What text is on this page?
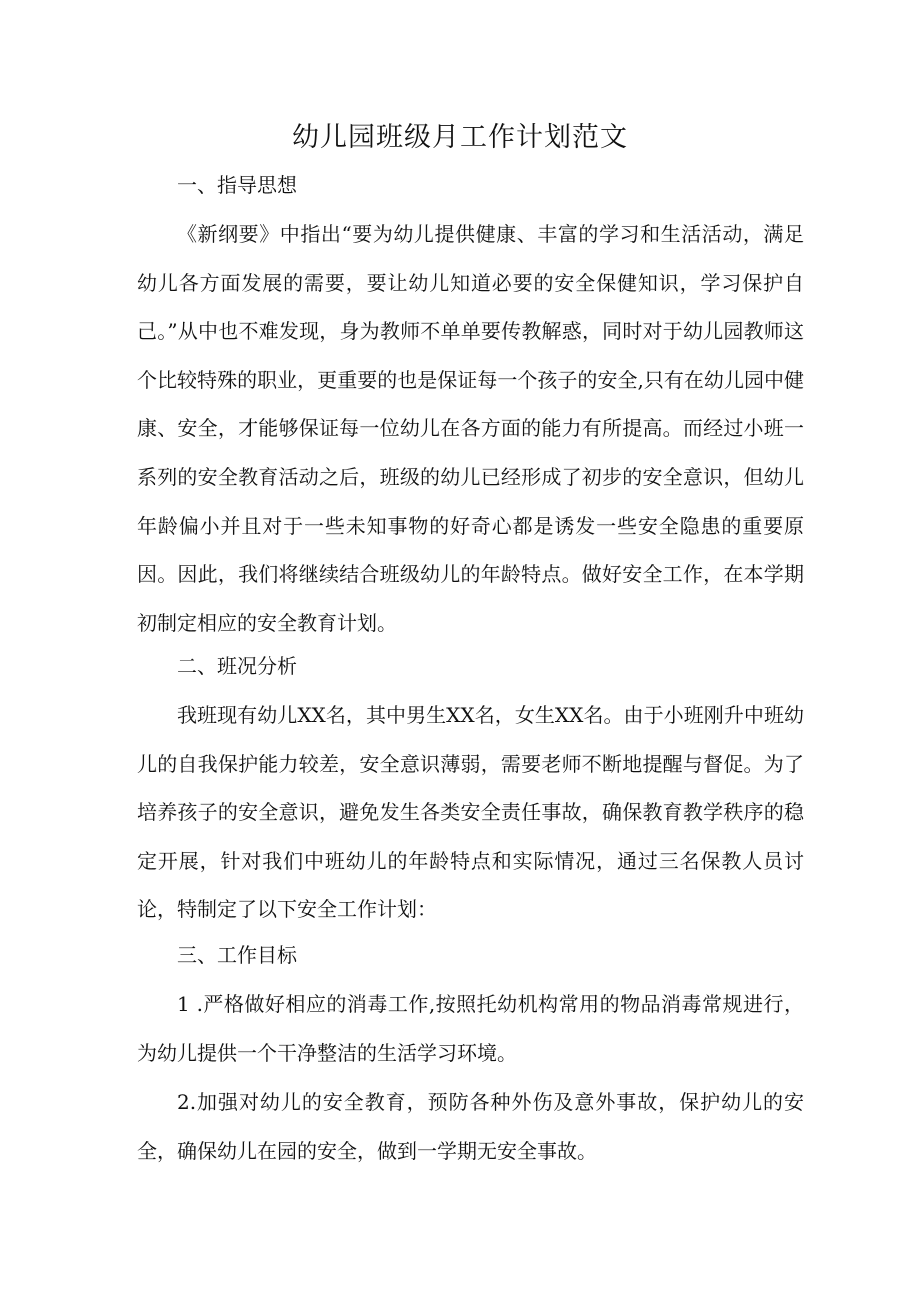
幼儿园班级月工作计划范文
一、指导思想

《新纲要》中指出“要为幼儿提供健康、丰富的学习和生活活动，满足幼儿各方面发展的需要，要让幼儿知道必要的安全保健知识，学习保护自己。”从中也不难发现，身为教师不单单要传教解惑，同时对于幼儿园教师这个比较特殊的职业，更重要的也是保证每一个孩子的安全,只有在幼儿园中健康、安全，才能够保证每一位幼儿在各方面的能力有所提高。而经过小班一系列的安全教育活动之后，班级的幼儿已经形成了初步的安全意识，但幼儿年龄偏小并且对于一些未知事物的好奇心都是诱发一些安全隐患的重要原因。因此，我们将继续结合班级幼儿的年龄特点。做好安全工作，在本学期初制定相应的安全教育计划。

二、班况分析

我班现有幼儿XX名，其中男生XX名，女生XX名。由于小班刚升中班幼儿的自我保护能力较差，安全意识薄弱，需要老师不断地提醒与督促。为了培养孩子的安全意识，避免发生各类安全责任事故，确保教育教学秩序的稳定开展，针对我们中班幼儿的年龄特点和实际情况，通过三名保教人员讨论，特制定了以下安全工作计划：

三、工作目标

1 .严格做好相应的消毒工作,按照托幼机构常用的物品消毒常规进行，为幼儿提供一个干净整洁的生活学习环境。

2.加强对幼儿的安全教育，预防各种外伤及意外事故，保护幼儿的安全，确保幼儿在园的安全，做到一学期无安全事故。
